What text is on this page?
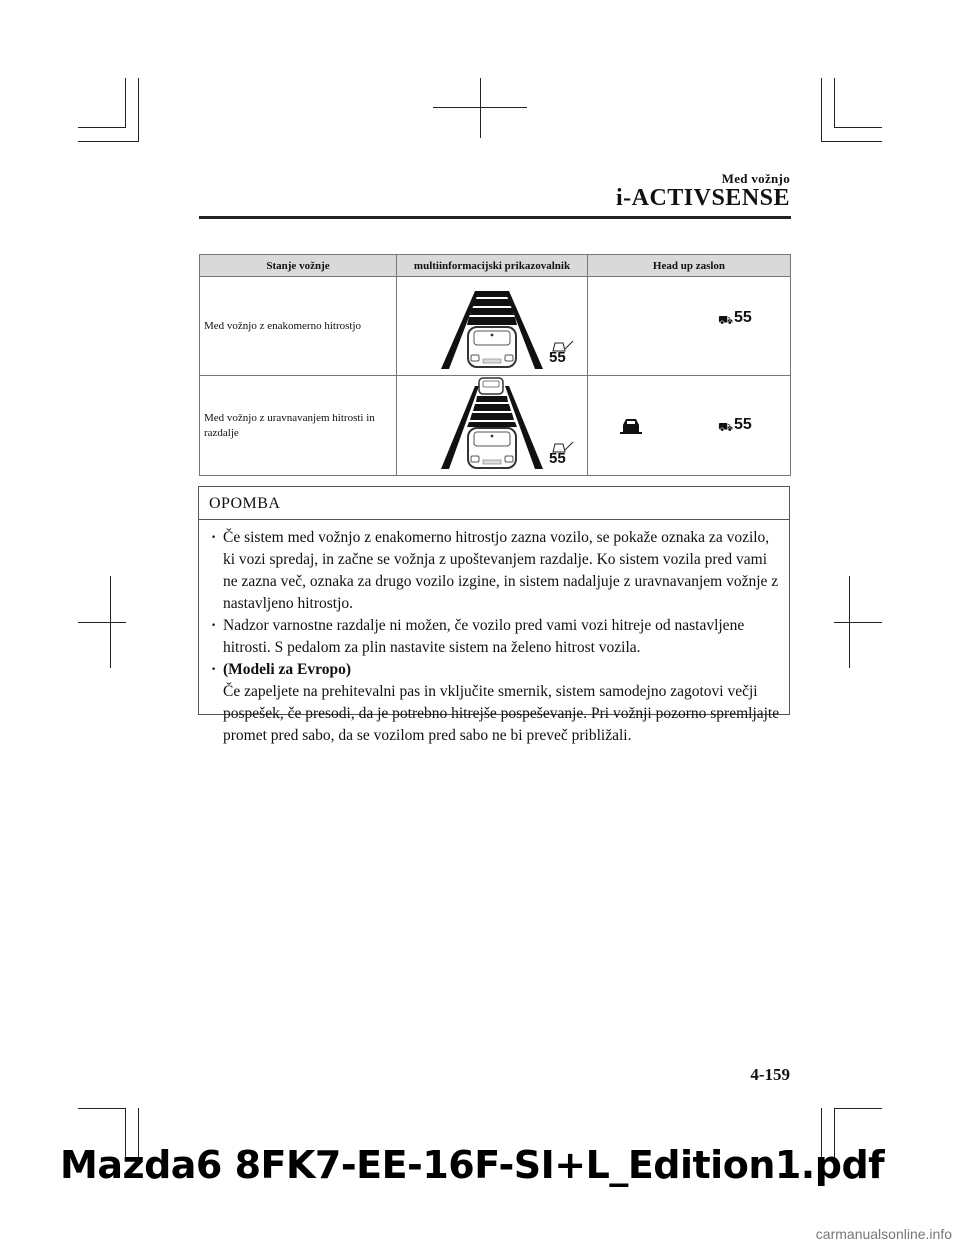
Med vožnjo
i-ACTIVSENSE
Stanje vožnje	multiinformacijski prikazovalnik	Head up zaslon
Med vožnjo z enakomerno hitrostjo	55	⛟ 55

Med vožnjo z uravnavanjem hitrosti in razdalje	55	⛟ 55
OPOMBA
· Če sistem med vožnjo z enakomerno hitrostjo zazna vozilo, se pokaže oznaka za vozilo, ki vozi spredaj, in začne se vožnja z upoštevanjem razdalje. Ko sistem vozila pred vami ne zazna več, oznaka za drugo vozilo izgine, in sistem nadaljuje z uravnavanjem vožnje z nastavljeno hitrostjo.
· Nadzor varnostne razdalje ni možen, če vozilo pred vami vozi hitreje od nastavljene hitrosti. S pedalom za plin nastavite sistem na želeno hitrost vozila.
· (Modeli za Evropo)
Če zapeljete na prehitevalni pas in vključite smernik, sistem samodejno zagotovi večji pospešek, če presodi, da je potrebno hitrejše pospeševanje. Pri vožnji pozorno spremljajte promet pred sabo, da se vozilom pred sabo ne bi preveč približali.
4-159
Mazda6 8FK7-EE-16F-SI+L_Edition1.pdf
carmanualsonline.info
